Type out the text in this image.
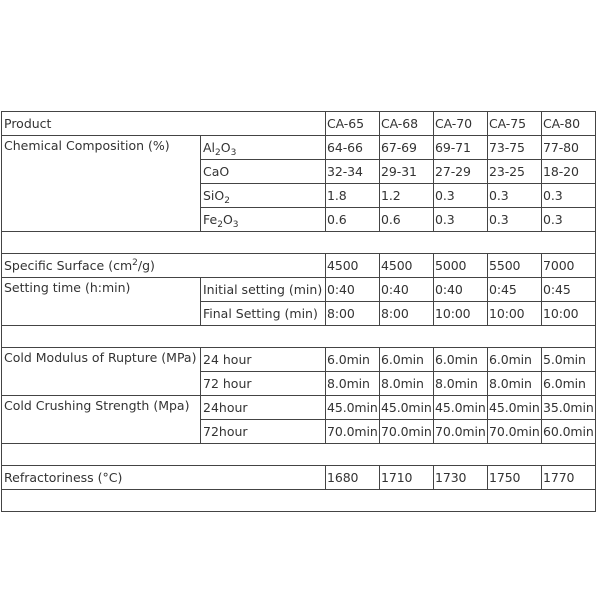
Product		CA-65	CA-68	CA-70	CA-75	CA-80
Chemical Composition (%)	$Al_2O_3$	64-66	67-69	69-71	73-75	77-80
	CaO	32-34	29-31	27-29	23-25	18-20
	SiO$_2$	1.8	1.2	0.3	0.3	0.3
	$Fe_2O_3$	0.6	0.6	0.3	0.3	0.3

Specific Surface $(cm^2/g)$		4500	4500	5000	5500	7000
Setting time (h:min)	Initial setting (min)	0:40	0:40	0:40	0:45	0:45
	Final Setting (min)	8:00	8:00	10:00	10:00	10:00

Cold Modulus of Rupture (MPa)	24 hour	6.0min	6.0min	6.0min	6.0min	5.0min
	72 hour	8.0min	8.0min	8.0min	8.0min	6.0min
Cold Crushing Strength (Mpa)	24hour	45.0min	45.0min	45.0min	45.0min	35.0min
	72hour	70.0min	70.0min	70.0min	70.0min	60.0min

Refractoriness (°C)		1680	1710	1730	1750	1770
